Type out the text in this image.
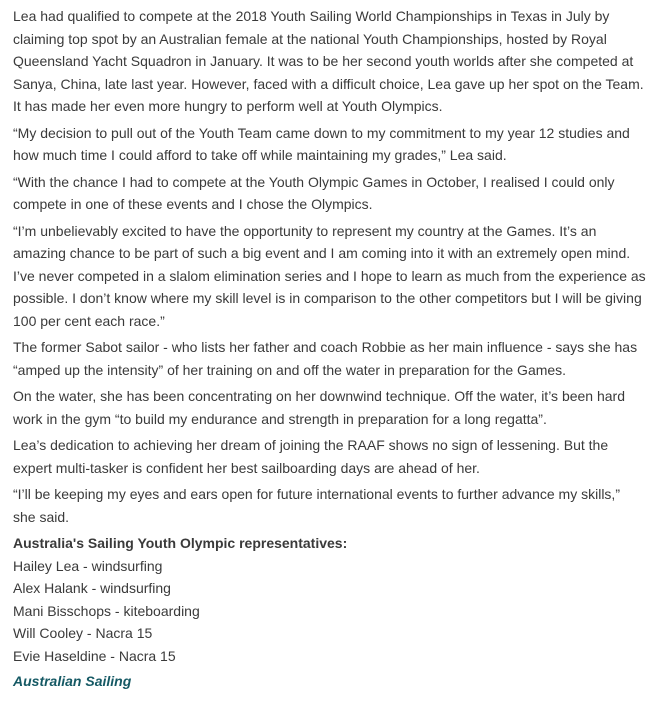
Lea had qualified to compete at the 2018 Youth Sailing World Championships in Texas in July by claiming top spot by an Australian female at the national Youth Championships, hosted by Royal Queensland Yacht Squadron in January. It was to be her second youth worlds after she competed at Sanya, China, late last year. However, faced with a difficult choice, Lea gave up her spot on the Team. It has made her even more hungry to perform well at Youth Olympics.

“My decision to pull out of the Youth Team came down to my commitment to my year 12 studies and how much time I could afford to take off while maintaining my grades,” Lea said.

“With the chance I had to compete at the Youth Olympic Games in October, I realised I could only compete in one of these events and I chose the Olympics.

“I’m unbelievably excited to have the opportunity to represent my country at the Games. It’s an amazing chance to be part of such a big event and I am coming into it with an extremely open mind. I’ve never competed in a slalom elimination series and I hope to learn as much from the experience as possible. I don’t know where my skill level is in comparison to the other competitors but I will be giving 100 per cent each race.”

The former Sabot sailor - who lists her father and coach Robbie as her main influence - says she has “amped up the intensity” of her training on and off the water in preparation for the Games.

On the water, she has been concentrating on her downwind technique. Off the water, it’s been hard work in the gym “to build my endurance and strength in preparation for a long regatta”.

Lea’s dedication to achieving her dream of joining the RAAF shows no sign of lessening. But the expert multi-tasker is confident her best sailboarding days are ahead of her.

“I’ll be keeping my eyes and ears open for future international events to further advance my skills,” she said.

Australia's Sailing Youth Olympic representatives:

Hailey Lea - windsurfing
Alex Halank - windsurfing
Mani Bisschops - kiteboarding
Will Cooley - Nacra 15
Evie Haseldine - Nacra 15

Australian Sailing
